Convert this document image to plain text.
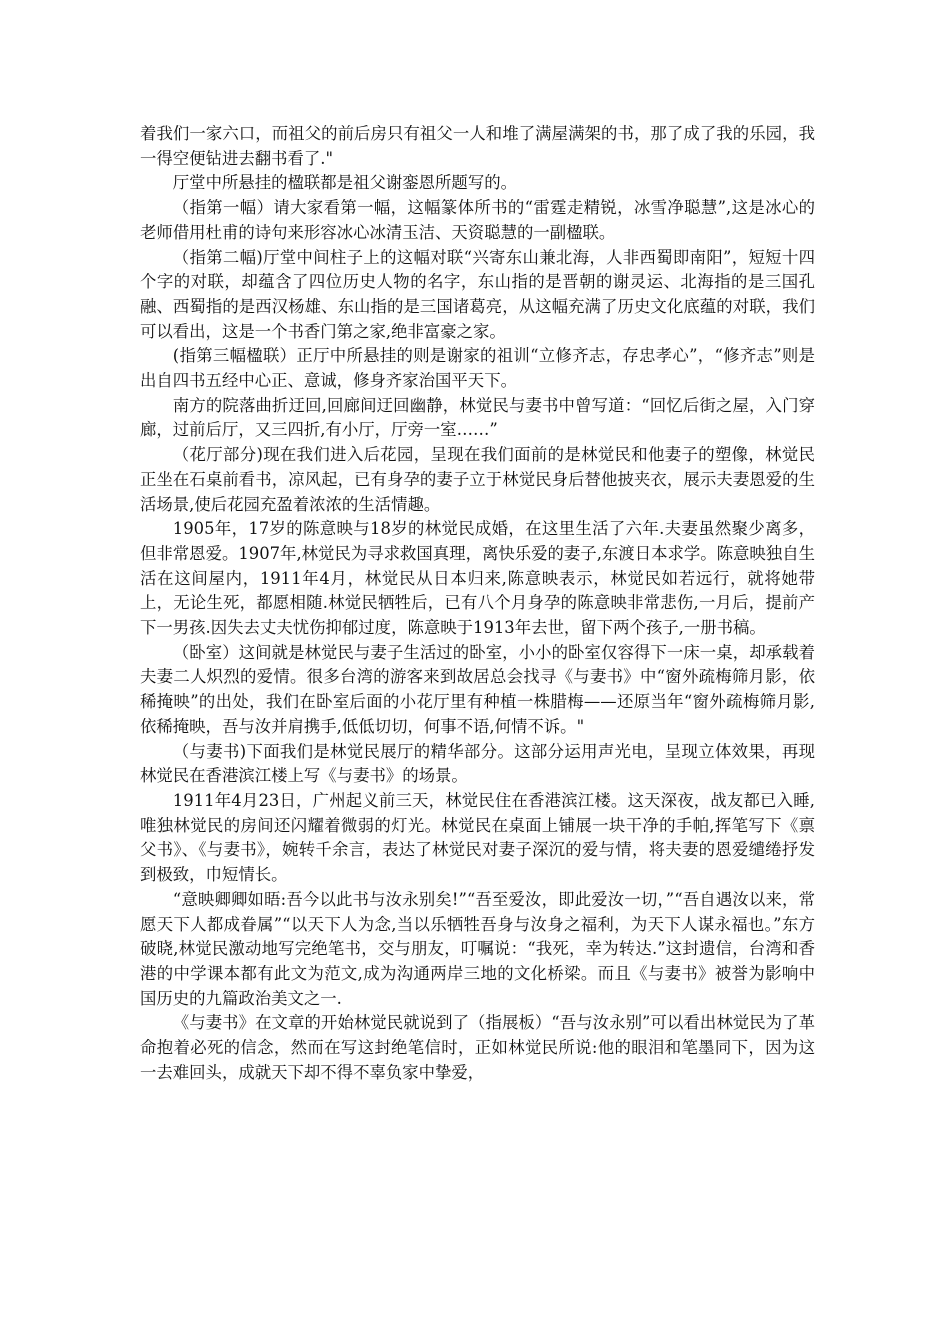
着我们一家六口，而祖父的前后房只有祖父一人和堆了满屋满架的书，那了成了我的乐园，我一得空便钻进去翻书看了."

厅堂中所悬挂的楹联都是祖父谢銮恩所题写的。

（指第一幅）请大家看第一幅，这幅篆体所书的“雷霆走精锐，冰雪净聪慧”,这是冰心的老师借用杜甫的诗句来形容冰心冰清玉洁、天资聪慧的一副楹联。

（指第二幅)厅堂中间柱子上的这幅对联“兴寄东山兼北海，人非西蜀即南阳”，短短十四个字的对联，却蕴含了四位历史人物的名字，东山指的是晋朝的谢灵运、北海指的是三国孔融、西蜀指的是西汉杨雄、东山指的是三国诸葛亮，从这幅充满了历史文化底蕴的对联，我们可以看出，这是一个书香门第之家,绝非富豪之家。

(指第三幅楹联）正厅中所悬挂的则是谢家的祖训“立修齐志，存忠孝心”，“修齐志”则是出自四书五经中心正、意诚，修身齐家治国平天下。

南方的院落曲折迂回,回廊间迂回幽静，林觉民与妻书中曾写道：“回忆后街之屋，入门穿廊，过前后厅，又三四折,有小厅，厅旁一室……”

（花厅部分)现在我们进入后花园，呈现在我们面前的是林觉民和他妻子的塑像，林觉民正坐在石桌前看书，凉风起，已有身孕的妻子立于林觉民身后替他披夹衣，展示夫妻恩爱的生活场景,使后花园充盈着浓浓的生活情趣。

1905年，17岁的陈意映与18岁的林觉民成婚，在这里生活了六年.夫妻虽然聚少离多，但非常恩爱。1907年,林觉民为寻求救国真理，离快乐爱的妻子,东渡日本求学。陈意映独自生活在这间屋内，1911年4月，林觉民从日本归来,陈意映表示，林觉民如若远行，就将她带上，无论生死，都愿相随.林觉民牺牲后，已有八个月身孕的陈意映非常悲伤,一月后，提前产下一男孩.因失去丈夫忧伤抑郁过度，陈意映于1913年去世，留下两个孩子,一册书稿。

（卧室）这间就是林觉民与妻子生活过的卧室，小小的卧室仅容得下一床一桌，却承载着夫妻二人炽烈的爱情。很多台湾的游客来到故居总会找寻《与妻书》中“窗外疏梅筛月影，依稀掩映”的出处，我们在卧室后面的小花厅里有种植一株腊梅——还原当年“窗外疏梅筛月影,依稀掩映，吾与汝并肩携手,低低切切，何事不语,何情不诉。"

（与妻书)下面我们是林觉民展厅的精华部分。这部分运用声光电，呈现立体效果，再现林觉民在香港滨江楼上写《与妻书》的场景。

1911年4月23日，广州起义前三天，林觉民住在香港滨江楼。这天深夜，战友都已入睡,唯独林觉民的房间还闪耀着微弱的灯光。林觉民在桌面上铺展一块干净的手帕,挥笔写下《禀父书》、《与妻书》，婉转千余言，表达了林觉民对妻子深沉的爱与情，将夫妻的恩爱缱绻抒发到极致，巾短情长。

“意映卿卿如晤:吾今以此书与汝永别矣!”“吾至爱汝，即此爱汝一切，”“吾自遇汝以来，常愿天下人都成眷属”“以天下人为念,当以乐牺牲吾身与汝身之福利，为天下人谋永福也。”东方破晓,林觉民激动地写完绝笔书，交与朋友，叮嘱说：“我死，幸为转达.”这封遗信，台湾和香港的中学课本都有此文为范文,成为沟通两岸三地的文化桥梁。而且《与妻书》被誉为影响中国历史的九篇政治美文之一.

《与妻书》在文章的开始林觉民就说到了（指展板）“吾与汝永别”可以看出林觉民为了革命抱着必死的信念，然而在写这封绝笔信时，正如林觉民所说:他的眼泪和笔墨同下，因为这一去难回头，成就天下却不得不辜负家中挚爱，
